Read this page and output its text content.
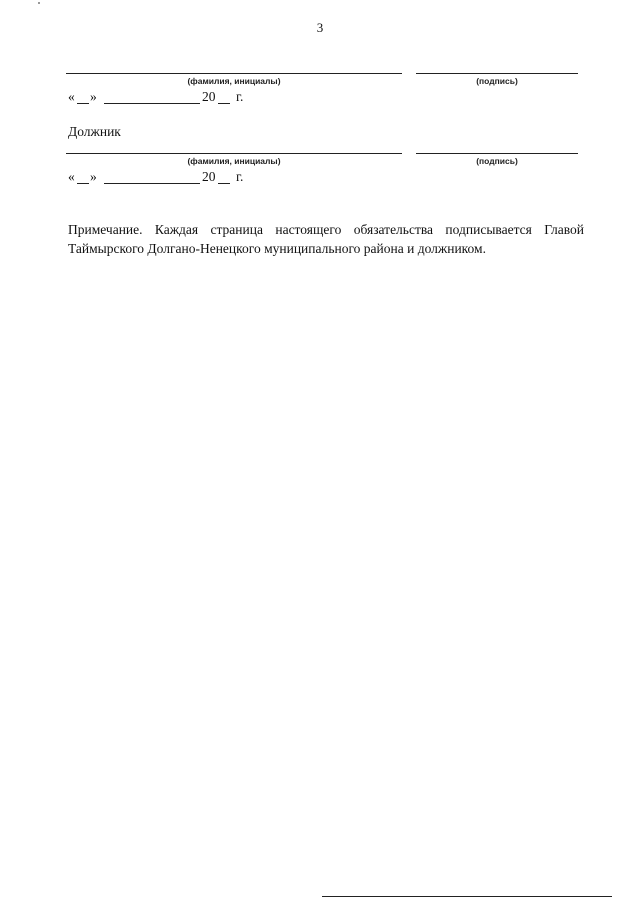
3
(фамилия, инициалы)	(подпись)
« »	20 г.
Должник
(фамилия, инициалы)	(подпись)
« »	20 г.
Примечание. Каждая страница настоящего обязательства подписывается Главой Таймырского Долгано-Ненецкого муниципального района и должником.
